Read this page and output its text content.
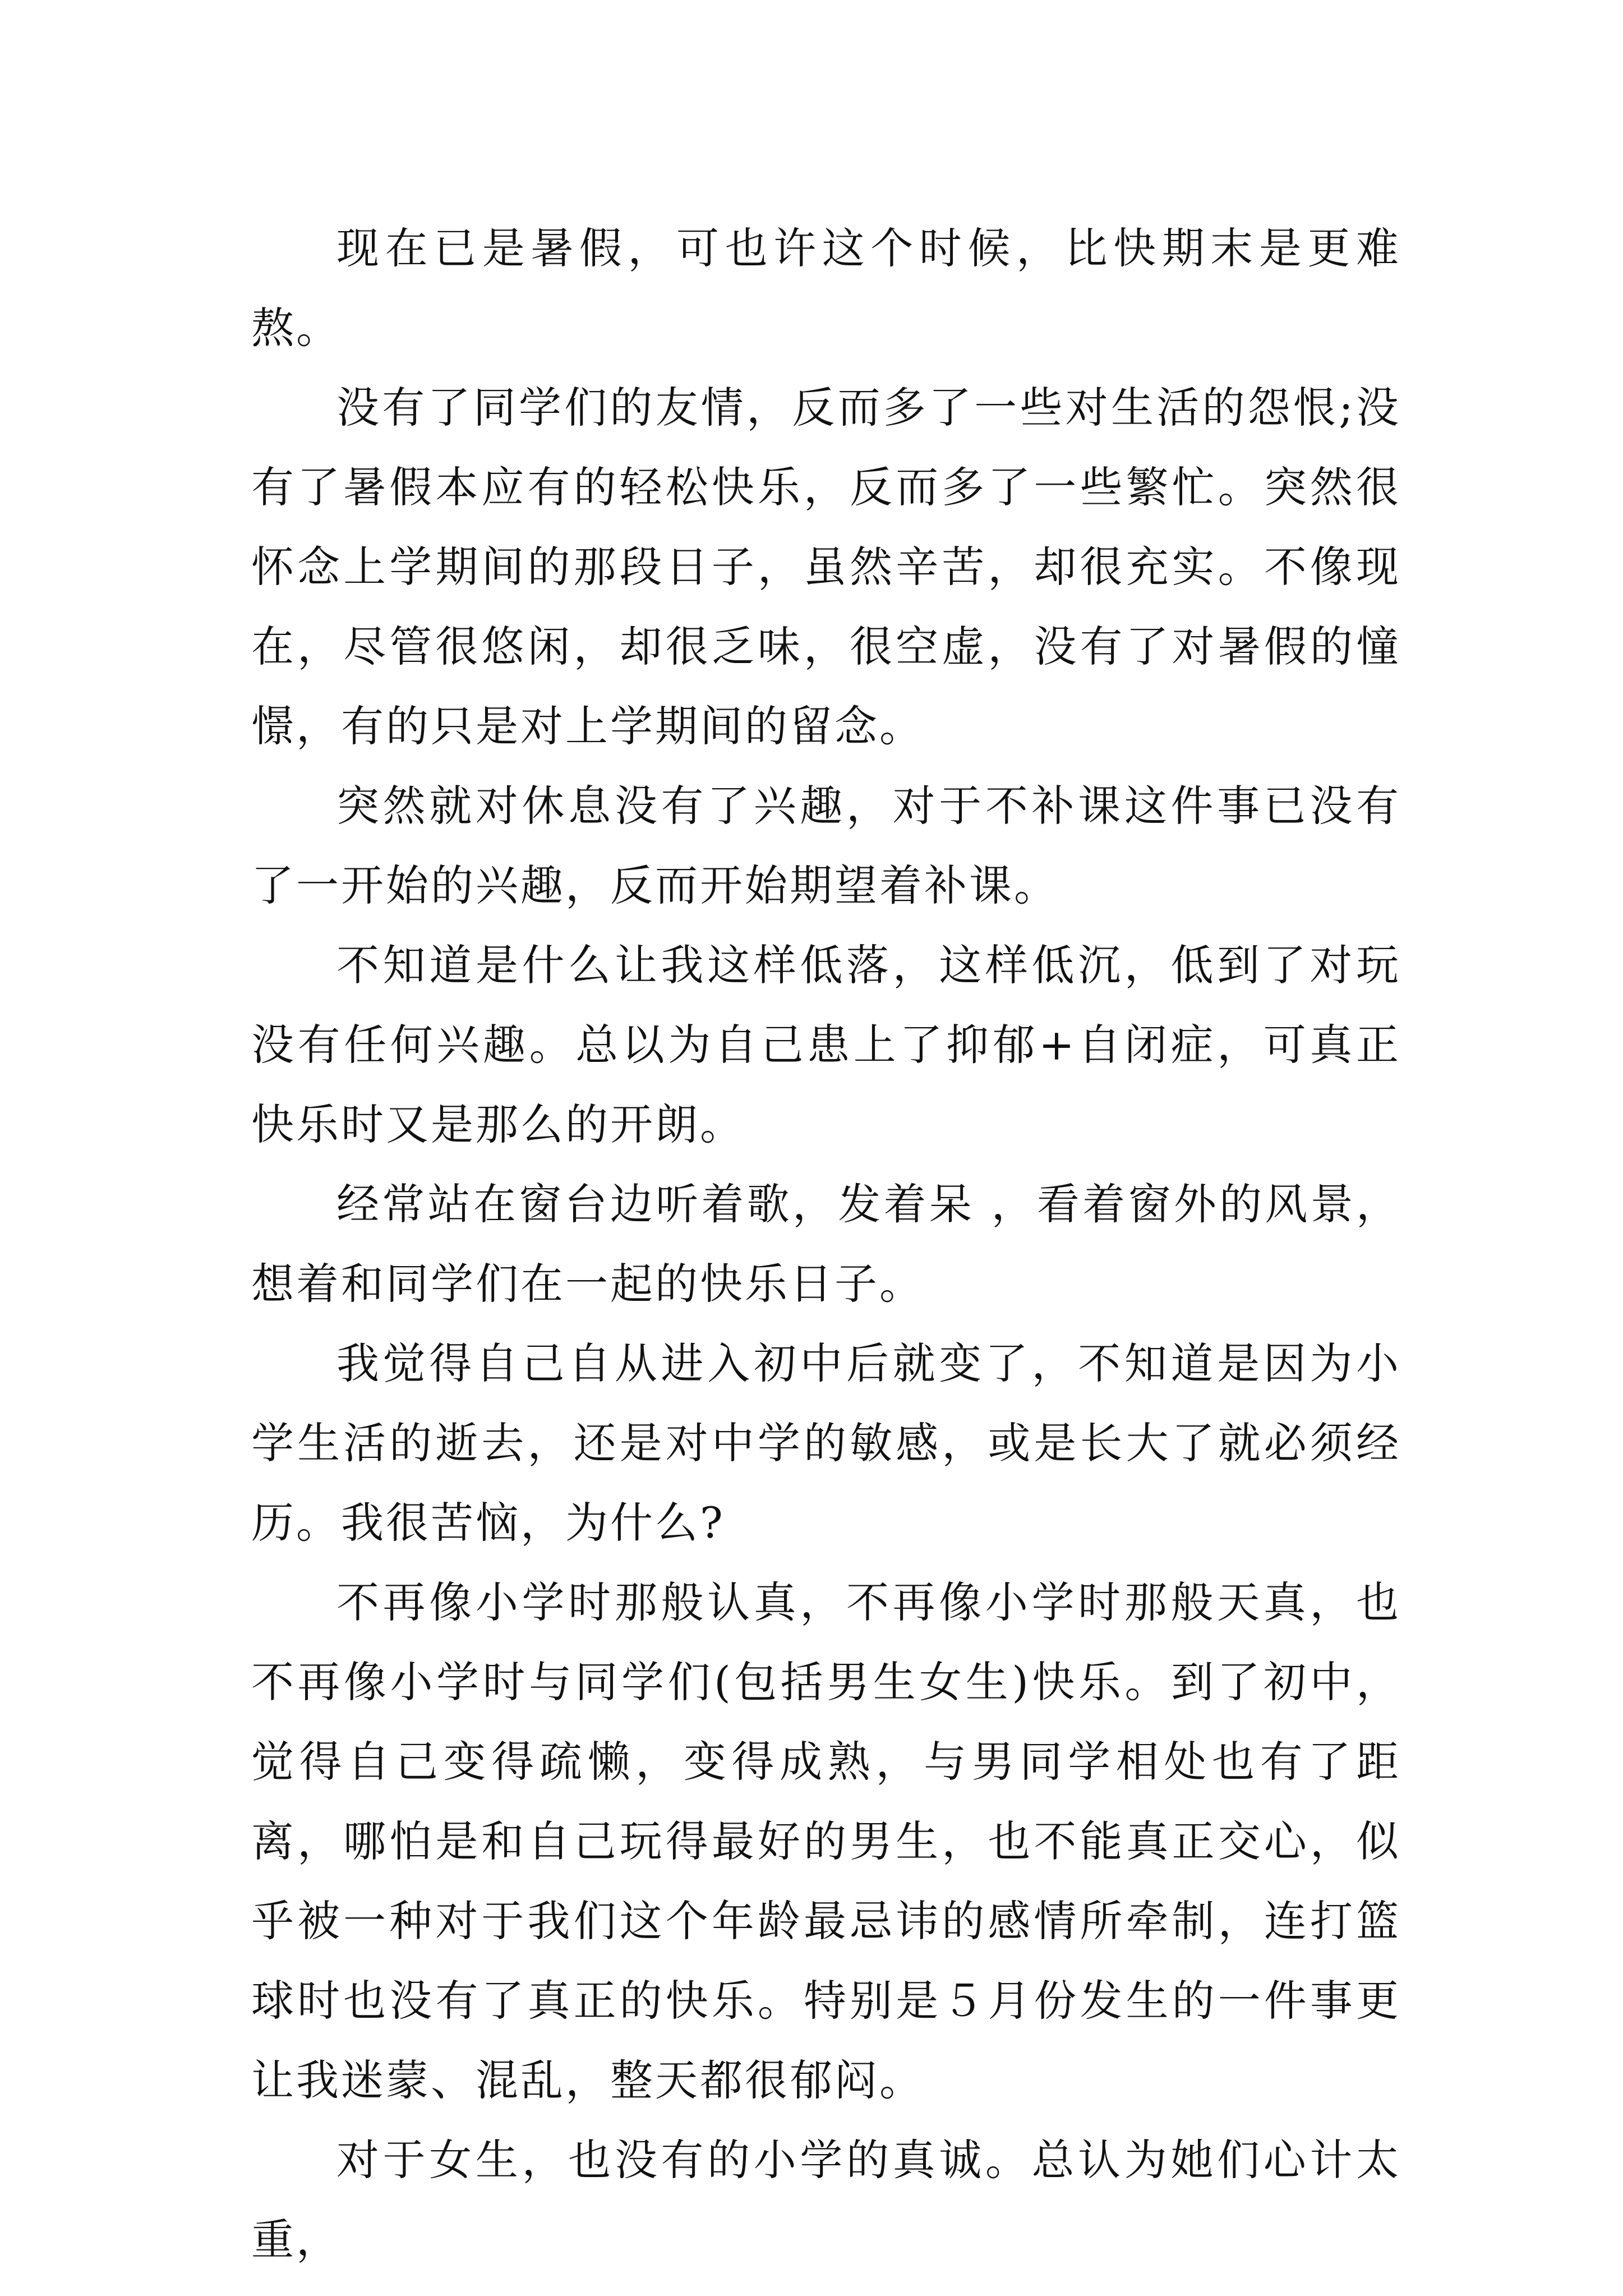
现在已是暑假，可也许这个时候，比快期末是更难熬。

没有了同学们的友情，反而多了一些对生活的怨恨;没有了暑假本应有的轻松快乐，反而多了一些繁忙。突然很怀念上学期间的那段日子，虽然辛苦，却很充实。不像现在，尽管很悠闲，却很乏味，很空虚，没有了对暑假的憧憬，有的只是对上学期间的留念。

突然就对休息没有了兴趣，对于不补课这件事已没有了一开始的兴趣，反而开始期望着补课。

不知道是什么让我这样低落，这样低沉，低到了对玩没有任何兴趣。总以为自己患上了抑郁+自闭症，可真正快乐时又是那么的开朗。

经常站在窗台边听着歌，发着呆 ，看着窗外的风景，想着和同学们在一起的快乐日子。

我觉得自己自从进入初中后就变了，不知道是因为小学生活的逝去，还是对中学的敏感，或是长大了就必须经历。我很苦恼，为什么?

不再像小学时那般认真，不再像小学时那般天真，也不再像小学时与同学们(包括男生女生)快乐。到了初中，觉得自己变得疏懒，变得成熟，与男同学相处也有了距离，哪怕是和自己玩得最好的男生，也不能真正交心，似乎被一种对于我们这个年龄最忌讳的感情所牵制，连打篮球时也没有了真正的快乐。特别是５月份发生的一件事更让我迷蒙、混乱，整天都很郁闷。

对于女生，也没有的小学的真诚。总认为她们心计太重，
